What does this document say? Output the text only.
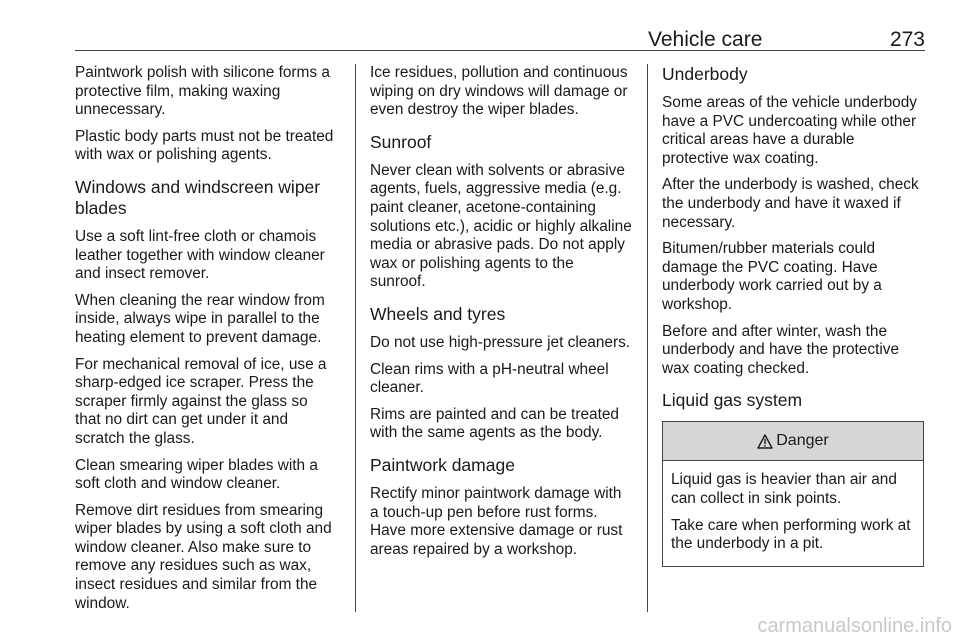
Vehicle care	273

Paintwork polish with silicone forms a protective film, making waxing unnecessary.

Plastic body parts must not be treated with wax or polishing agents.

Windows and windscreen wiper blades

Use a soft lint-free cloth or chamois leather together with window cleaner and insect remover.

When cleaning the rear window from inside, always wipe in parallel to the heating element to prevent damage.

For mechanical removal of ice, use a sharp-edged ice scraper. Press the scraper firmly against the glass so that no dirt can get under it and scratch the glass.

Clean smearing wiper blades with a soft cloth and window cleaner.

Remove dirt residues from smearing wiper blades by using a soft cloth and window cleaner. Also make sure to remove any residues such as wax, insect residues and similar from the window.

Ice residues, pollution and continuous wiping on dry windows will damage or even destroy the wiper blades.

Sunroof

Never clean with solvents or abrasive agents, fuels, aggressive media (e.g. paint cleaner, acetone-containing solutions etc.), acidic or highly alkaline media or abrasive pads. Do not apply wax or polishing agents to the sunroof.

Wheels and tyres

Do not use high-pressure jet cleaners.

Clean rims with a pH-neutral wheel cleaner.

Rims are painted and can be treated with the same agents as the body.

Paintwork damage

Rectify minor paintwork damage with a touch-up pen before rust forms. Have more extensive damage or rust areas repaired by a workshop.

Underbody

Some areas of the vehicle underbody have a PVC undercoating while other critical areas have a durable protective wax coating.

After the underbody is washed, check the underbody and have it waxed if necessary.

Bitumen/rubber materials could damage the PVC coating. Have underbody work carried out by a workshop.

Before and after winter, wash the underbody and have the protective wax coating checked.

Liquid gas system
Danger

Liquid gas is heavier than air and can collect in sink points.

Take care when performing work at the underbody in a pit.

carmanualsonline.info
